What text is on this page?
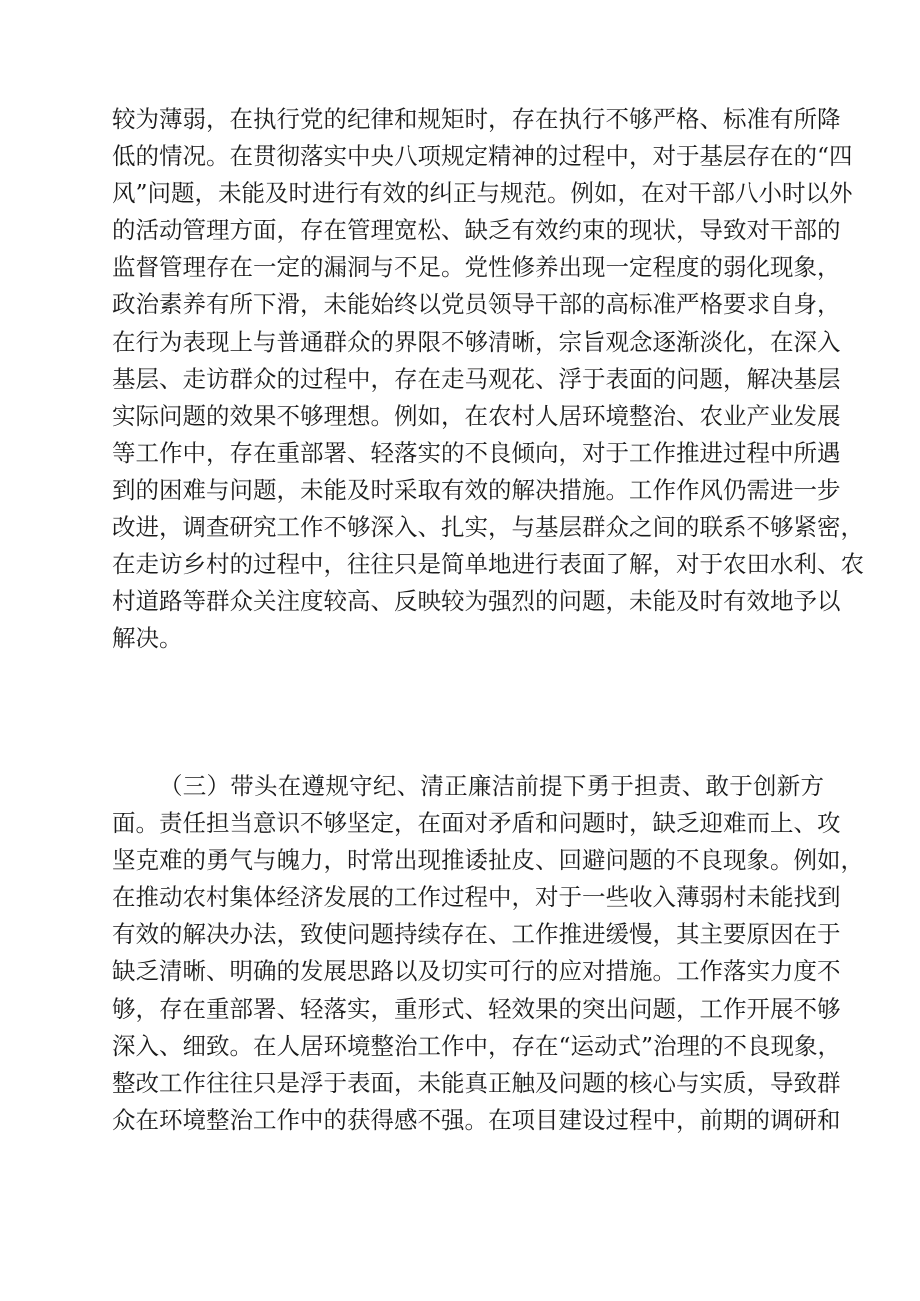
较为薄弱，在执行党的纪律和规矩时，存在执行不够严格、标准有所降
低的情况。在贯彻落实中央八项规定精神的过程中，对于基层存在的“四
风”问题，未能及时进行有效的纠正与规范。例如，在对干部八小时以外
的活动管理方面，存在管理宽松、缺乏有效约束的现状，导致对干部的
监督管理存在一定的漏洞与不足。党性修养出现一定程度的弱化现象，
政治素养有所下滑，未能始终以党员领导干部的高标准严格要求自身，
在行为表现上与普通群众的界限不够清晰，宗旨观念逐渐淡化，在深入
基层、走访群众的过程中，存在走马观花、浮于表面的问题，解决基层
实际问题的效果不够理想。例如，在农村人居环境整治、农业产业发展
等工作中，存在重部署、轻落实的不良倾向，对于工作推进过程中所遇
到的困难与问题，未能及时采取有效的解决措施。工作作风仍需进一步
改进，调查研究工作不够深入、扎实，与基层群众之间的联系不够紧密，
在走访乡村的过程中，往往只是简单地进行表面了解，对于农田水利、农
村道路等群众关注度较高、反映较为强烈的问题，未能及时有效地予以
解决。
（三）带头在遵规守纪、清正廉洁前提下勇于担责、敢于创新方
面。责任担当意识不够坚定，在面对矛盾和问题时，缺乏迎难而上、攻
坚克难的勇气与魄力，时常出现推诿扯皮、回避问题的不良现象。例如，
在推动农村集体经济发展的工作过程中，对于一些收入薄弱村未能找到
有效的解决办法，致使问题持续存在、工作推进缓慢，其主要原因在于
缺乏清晰、明确的发展思路以及切实可行的应对措施。工作落实力度不
够，存在重部署、轻落实，重形式、轻效果的突出问题，工作开展不够
深入、细致。在人居环境整治工作中，存在“运动式”治理的不良现象，
整改工作往往只是浮于表面，未能真正触及问题的核心与实质，导致群
众在环境整治工作中的获得感不强。在项目建设过程中，前期的调研和
